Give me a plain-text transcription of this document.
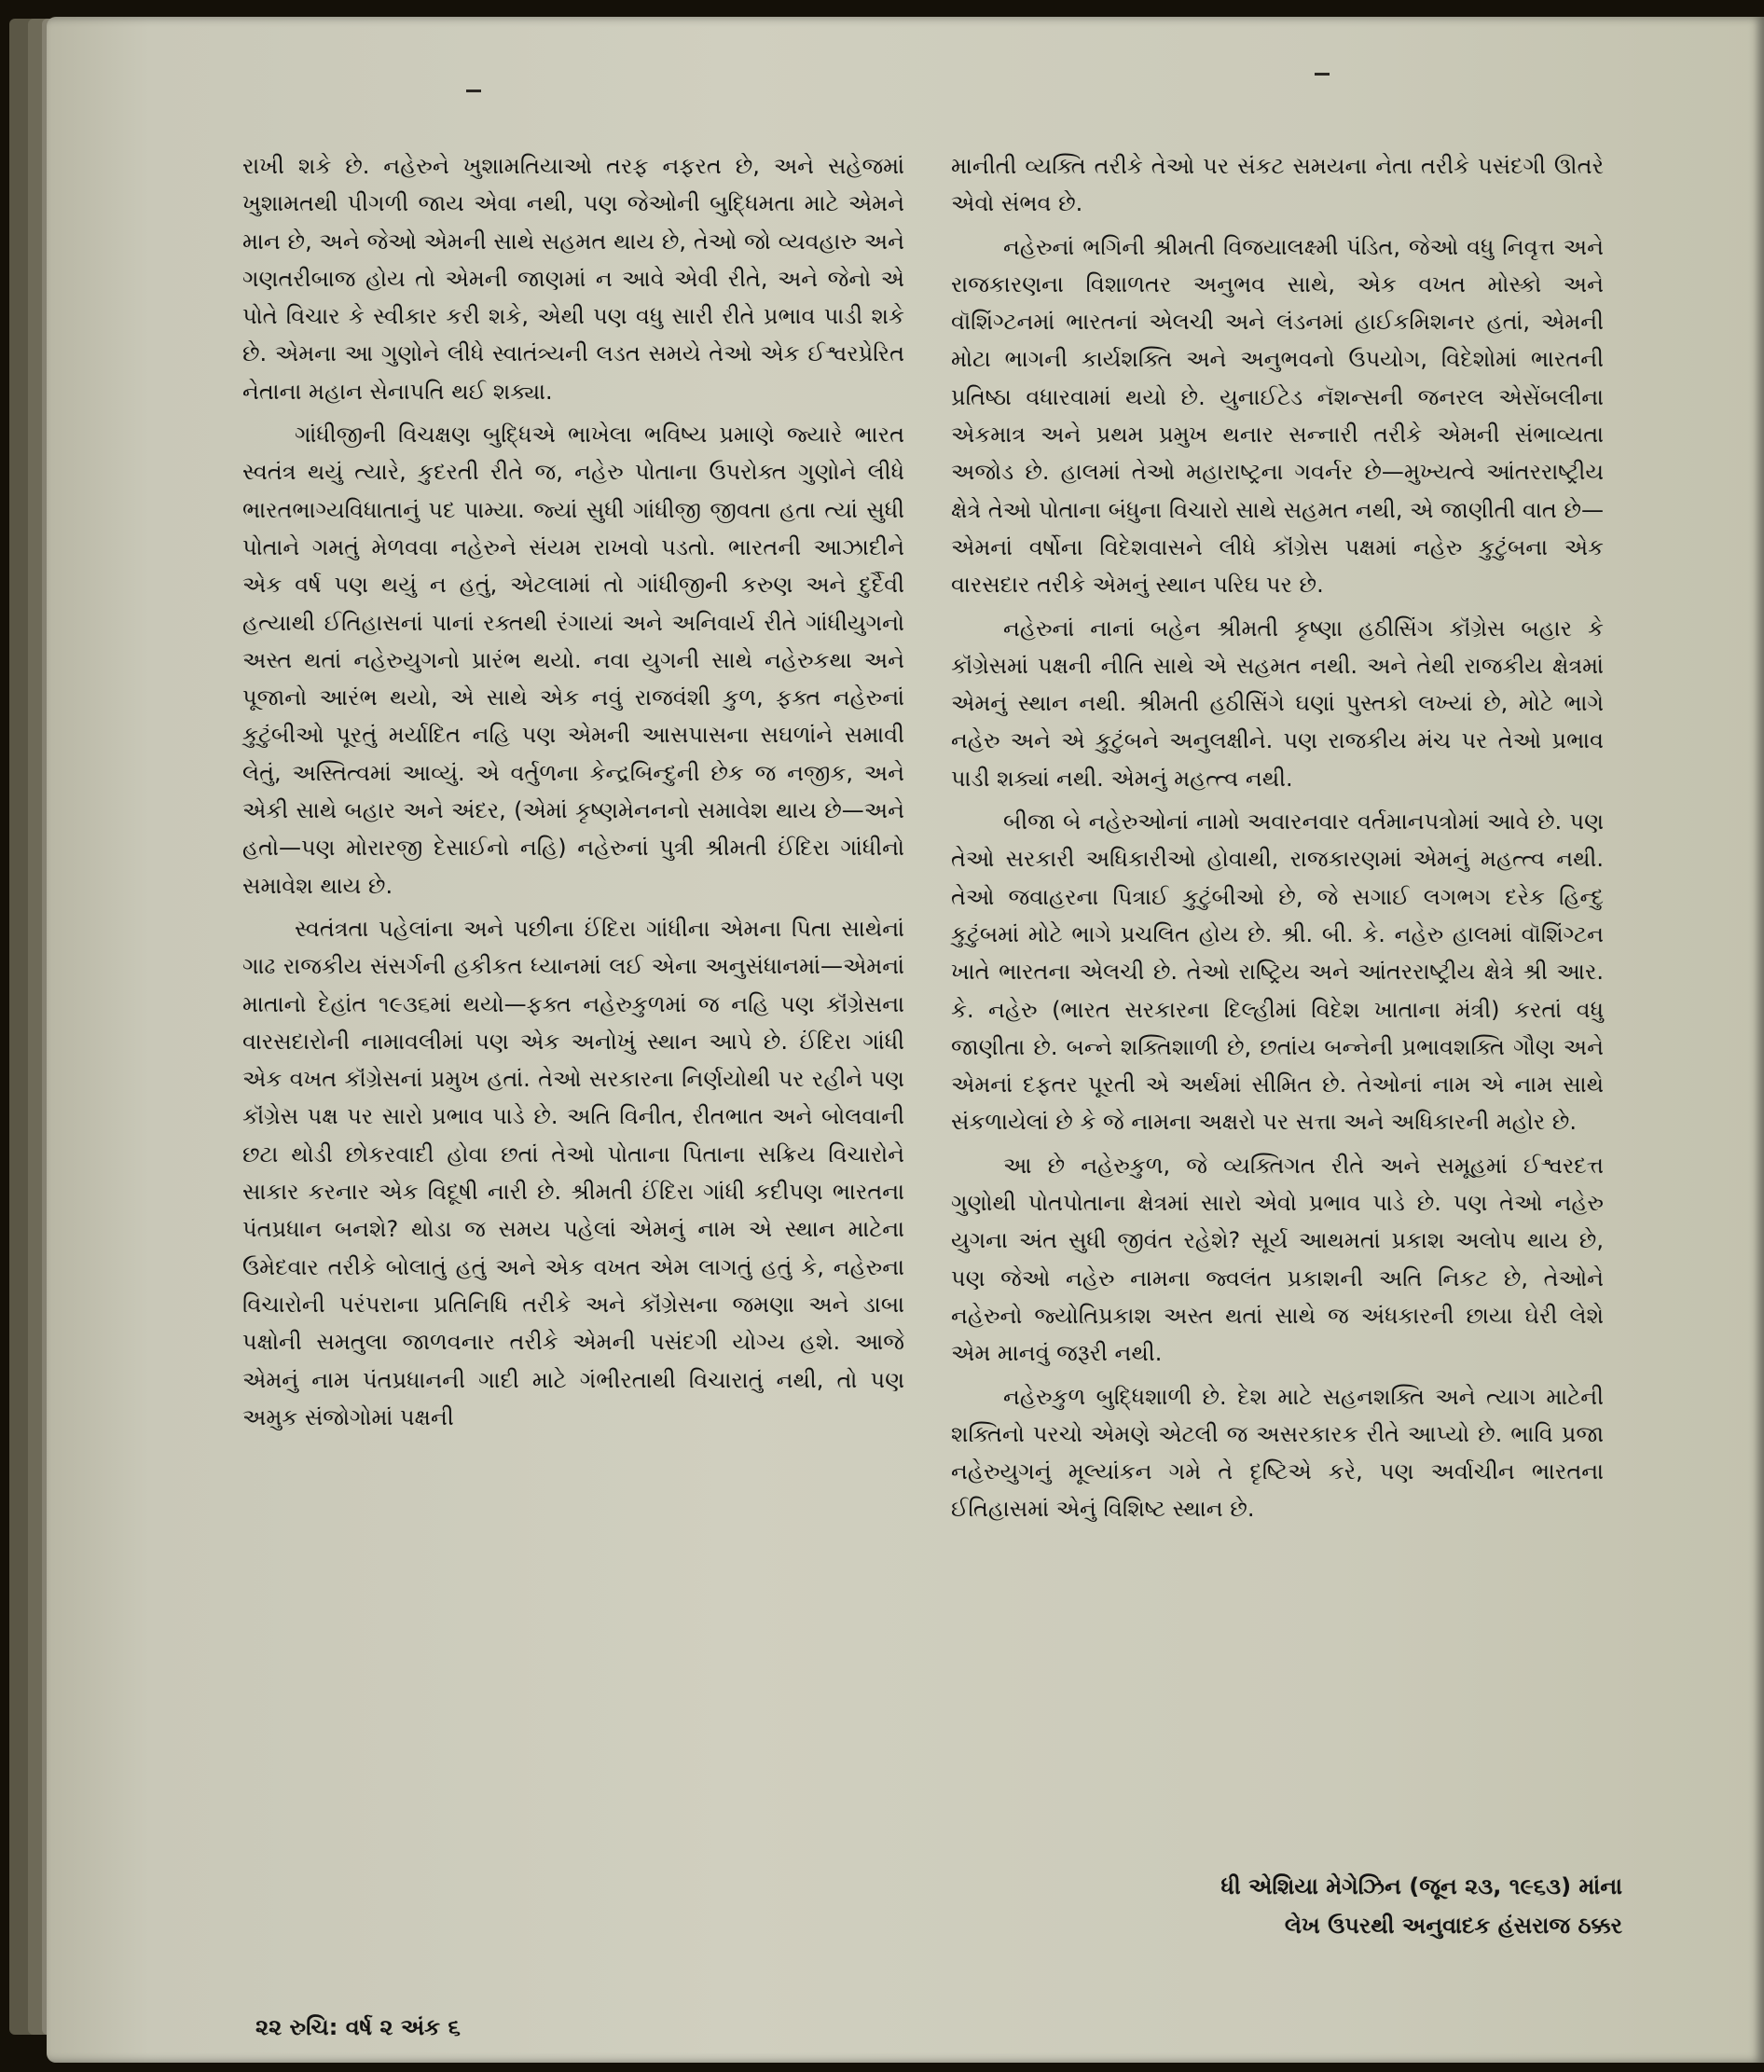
રાખી શકે છે. નહેરુને ખુશામતિયાઓ તરફ નફરત છે, અને સહેજમાં ખુશામતથી પીગળી જાય એવા નથી, પણ જેઓની બુદ્ધિમતા માટે એમને માન છે, અને જેઓ એમની સાથે સહમત થાય છે, તેઓ જો વ્યવહારુ અને ગણતરીબાજ હોય તો એમની જાણમાં ન આવે એવી રીતે, અને જેનો એ પોતે વિચાર કે સ્વીકાર કરી શકે, એથી પણ વધુ સારી રીતે પ્રભાવ પાડી શકે છે. એમના આ ગુણોને લીધે સ્વાતંત્ર્યની લડત સમયે તેઓ એક ઈશ્વરપ્રેરિત નેતાના મહાન સેનાપતિ થઈ શક્યા.

ગાંધીજીની વિચક્ષણ બુદ્ધિએ ભાખેલા ભવિષ્ય પ્રમાણે જ્યારે ભારત સ્વતંત્ર થયું ત્યારે, કુદરતી રીતે જ, નહેરુ પોતાના ઉપરોક્ત ગુણોને લીધે ભારતભાગ્યવિધાતાનું પદ પામ્યા. જ્યાં સુધી ગાંધીજી જીવતા હતા ત્યાં સુધી પોતાને ગમતું મેળવવા નહેરુને સંયમ રાખવો પડતો. ભારતની આઝાદીને એક વર્ષ પણ થયું ન હતું, એટલામાં તો ગાંધીજીની કરુણ અને દુર્દૈવી હત્યાથી ઈતિહાસનાં પાનાં રક્તથી રંગાયાં અને અનિવાર્ય રીતે ગાંધીયુગનો અસ્ત થતાં નહેરુયુગનો પ્રારંભ થયો. નવા યુગની સાથે નહેરુકથા અને પૂજાનો આરંભ થયો, એ સાથે એક નવું રાજવંશી કુળ, ફક્ત નહેરુનાં કુટુંબીઓ પૂરતું મર્યાદિત નહિ પણ એમની આસપાસના સઘળાંને સમાવી લેતું, અસ્તિત્વમાં આવ્યું. એ વર્તુળના કેન્દ્રબિન્દુની છેક જ નજીક, અને એકી સાથે બહાર અને અંદર, (એમાં કૃષ્ણમેનનનો સમાવેશ થાય છે—અને હતો—પણ મોરારજી દેસાઈનો નહિ) નહેરુનાં પુત્રી શ્રીમતી ઈંદિરા ગાંધીનો સમાવેશ થાય છે.

સ્વતંત્રતા પહેલાંના અને પછીના ઈંદિરા ગાંધીના એમના પિતા સાથેનાં ગાઢ રાજકીય સંસર્ગની હકીકત ધ્યાનમાં લઈ એના અનુસંધાનમાં—એમનાં માતાનો દેહાંત ૧૯૩૬માં થયો—ફક્ત નહેરુકુળમાં જ નહિ પણ કૉંગ્રેસના વારસદારોની નામાવલીમાં પણ એક અનોખું સ્થાન આપે છે. ઈંદિરા ગાંધી એક વખત કૉંગ્રેસનાં પ્રમુખ હતાં. તેઓ સરકારના નિર્ણયોથી પર રહીને પણ કૉંગ્રેસ પક્ષ પર સારો પ્રભાવ પાડે છે. અતિ વિનીત, રીતભાત અને બોલવાની છટા થોડી છોકરવાદી હોવા છતાં તેઓ પોતાના પિતાના સક્રિય વિચારોને સાકાર કરનાર એક વિદૂષી નારી છે. શ્રીમતી ઈંદિરા ગાંધી કદીપણ ભારતના પંતપ્રધાન બનશે? થોડા જ સમય પહેલાં એમનું નામ એ સ્થાન માટેના ઉમેદવાર તરીકે બોલાતું હતું અને એક વખત એમ લાગતું હતું કે, નહેરુના વિચારોની પરંપરાના પ્રતિનિધિ તરીકે અને કૉંગ્રેસના જમણા અને ડાબા પક્ષોની સમતુલા જાળવનાર તરીકે એમની પસંદગી યોગ્ય હશે. આજે એમનું નામ પંતપ્રધાનની ગાદી માટે ગંભીરતાથી વિચારાતું નથી, તો પણ અમુક સંજોગોમાં પક્ષની

માનીતી વ્યક્તિ તરીકે તેઓ પર સંકટ સમયના નેતા તરીકે પસંદગી ઊતરે એવો સંભવ છે.

નહેરુનાં ભગિની શ્રીમતી વિજયાલક્ષ્મી પંડિત, જેઓ વધુ નિવૃત્ત અને રાજકારણના વિશાળતર અનુભવ સાથે, એક વખત મોસ્કો અને વૉશિંગ્ટનમાં ભારતનાં એલચી અને લંડનમાં હાઈકમિશનર હતાં, એમની મોટા ભાગની કાર્યશક્તિ અને અનુભવનો ઉપયોગ, વિદેશોમાં ભારતની પ્રતિષ્ઠા વધારવામાં થયો છે. યુનાઈટેડ નૅશન્સની જનરલ એસેંબલીના એકમાત્ર અને પ્રથમ પ્રમુખ થનાર સન્નારી તરીકે એમની સંભાવ્યતા અજોડ છે. હાલમાં તેઓ મહારાષ્ટ્રના ગવર્નર છે—મુખ્યત્વે આંતરરાષ્ટ્રીય ક્ષેત્રે તેઓ પોતાના બંધુના વિચારો સાથે સહમત નથી, એ જાણીતી વાત છે—એમનાં વર્ષોના વિદેશવાસને લીધે કૉંગ્રેસ પક્ષમાં નહેરુ કુટુંબના એક વારસદાર તરીકે એમનું સ્થાન પરિઘ પર છે.

નહેરુનાં નાનાં બહેન શ્રીમતી કૃષ્ણા હઠીસિંગ કૉંગ્રેસ બહાર કે કૉંગ્રેસમાં પક્ષની નીતિ સાથે એ સહમત નથી. અને તેથી રાજકીય ક્ષેત્રમાં એમનું સ્થાન નથી. શ્રીમતી હઠીસિંગે ઘણાં પુસ્તકો લખ્યાં છે, મોટે ભાગે નહેરુ અને એ કુટુંબને અનુલક્ષીને. પણ રાજકીય મંચ પર તેઓ પ્રભાવ પાડી શક્યાં નથી. એમનું મહત્ત્વ નથી.

બીજા બે નહેરુઓનાં નામો અવારનવાર વર્તમાનપત્રોમાં આવે છે. પણ તેઓ સરકારી અધિકારીઓ હોવાથી, રાજકારણમાં એમનું મહત્ત્વ નથી. તેઓ જવાહરના પિત્રાઈ કુટુંબીઓ છે, જે સગાઈ લગભગ દરેક હિન્દુ કુટુંબમાં મોટે ભાગે પ્રચલિત હોય છે. શ્રી. બી. કે. નહેરુ હાલમાં વૉશિંગ્ટન ખાતે ભારતના એલચી છે. તેઓ રાષ્ટ્રિય અને આંતરરાષ્ટ્રીય ક્ષેત્રે શ્રી આર. કે. નહેરુ (ભારત સરકારના દિલ્હીમાં વિદેશ ખાતાના મંત્રી) કરતાં વધુ જાણીતા છે. બન્ને શક્તિશાળી છે, છતાંય બન્નેની પ્રભાવશક્તિ ગૌણ અને એમનાં દફતર પૂરતી એ અર્થમાં સીમિત છે. તેઓનાં નામ એ નામ સાથે સંકળાયેલાં છે કે જે નામના અક્ષરો પર સત્તા અને અધિકારની મહોર છે.

આ છે નહેરુકુળ, જે વ્યક્તિગત રીતે અને સમૂહમાં ઈશ્વરદત્ત ગુણોથી પોતપોતાના ક્ષેત્રમાં સારો એવો પ્રભાવ પાડે છે. પણ તેઓ નહેરુ યુગના અંત સુધી જીવંત રહેશે? સૂર્ય આથમતાં પ્રકાશ અલોપ થાય છે, પણ જેઓ નહેરુ નામના જ્વલંત પ્રકાશની અતિ નિકટ છે, તેઓને નહેરુનો જ્યોતિપ્રકાશ અસ્ત થતાં સાથે જ અંધકારની છાયા ઘેરી લેશે એમ માનવું જરૂરી નથી.

નહેરુકુળ બુદ્ધિશાળી છે. દેશ માટે સહનશક્તિ અને ત્યાગ માટેની શક્તિનો પરચો એમણે એટલી જ અસરકારક રીતે આપ્યો છે. ભાવિ પ્રજા નહેરુયુગનું મૂલ્યાંકન ગમે તે દૃષ્ટિએ કરે, પણ અર્વાચીન ભારતના ઈતિહાસમાં એનું વિશિષ્ટ સ્થાન છે.

ધી એશિયા મેગેઝિન (જૂન ૨૩, ૧૯૬૩) માંના
લેખ ઉપરથી અનુવાદક હંસરાજ ઠક્કર
૨૨ રુચિ: વર્ષ ૨ અંક ૬
